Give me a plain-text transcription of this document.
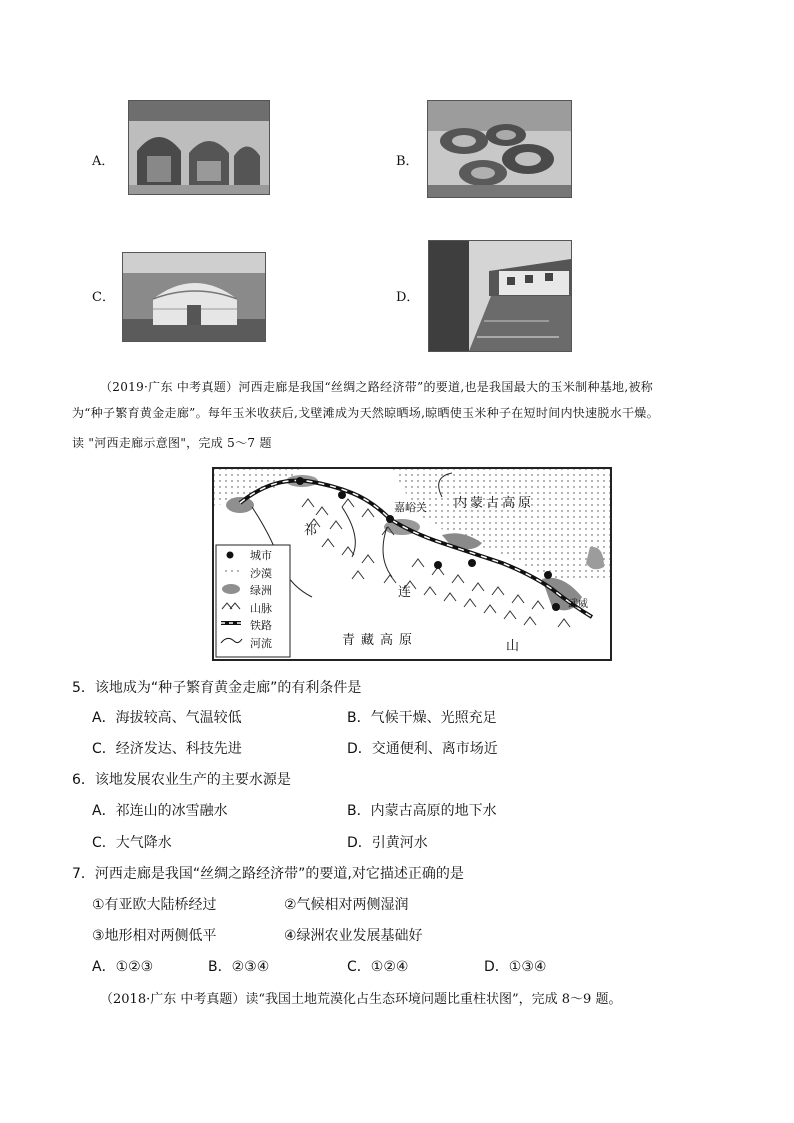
A．	B．
C．	D．
（2019·广东 中考真题）河西走廊是我国“丝绸之路经济带”的要道,也是我国最大的玉米制种基地,被称
为“种子繁育黄金走廊”。每年玉米收获后,戈壁滩成为天然晾晒场,晾晒使玉米种子在短时间内快速脱水干燥。
读 "河西走廊示意图"，完成 5～7 题
嘉峪关 内蒙古高原
祁
连
山
武威
青藏高原
城市
沙漠
绿洲
山脉
铁路
河流
5．该地成为“种子繁育黄金走廊”的有利条件是
A．海拔较高、气温较低	B．气候干燥、光照充足
C．经济发达、科技先进	D．交通便利、离市场近
6．该地发展农业生产的主要水源是
A．祁连山的冰雪融水	B．内蒙古高原的地下水
C．大气降水	D．引黄河水
7．河西走廊是我国“丝绸之路经济带”的要道,对它描述正确的是
①有亚欧大陆桥经过	②气候相对两侧湿润
③地形相对两侧低平	④绿洲农业发展基础好
A．①②③	B．②③④	C．①②④	D．①③④
（2018·广东 中考真题）读“我国土地荒漠化占生态环境问题比重柱状图”，完成 8～9 题。
